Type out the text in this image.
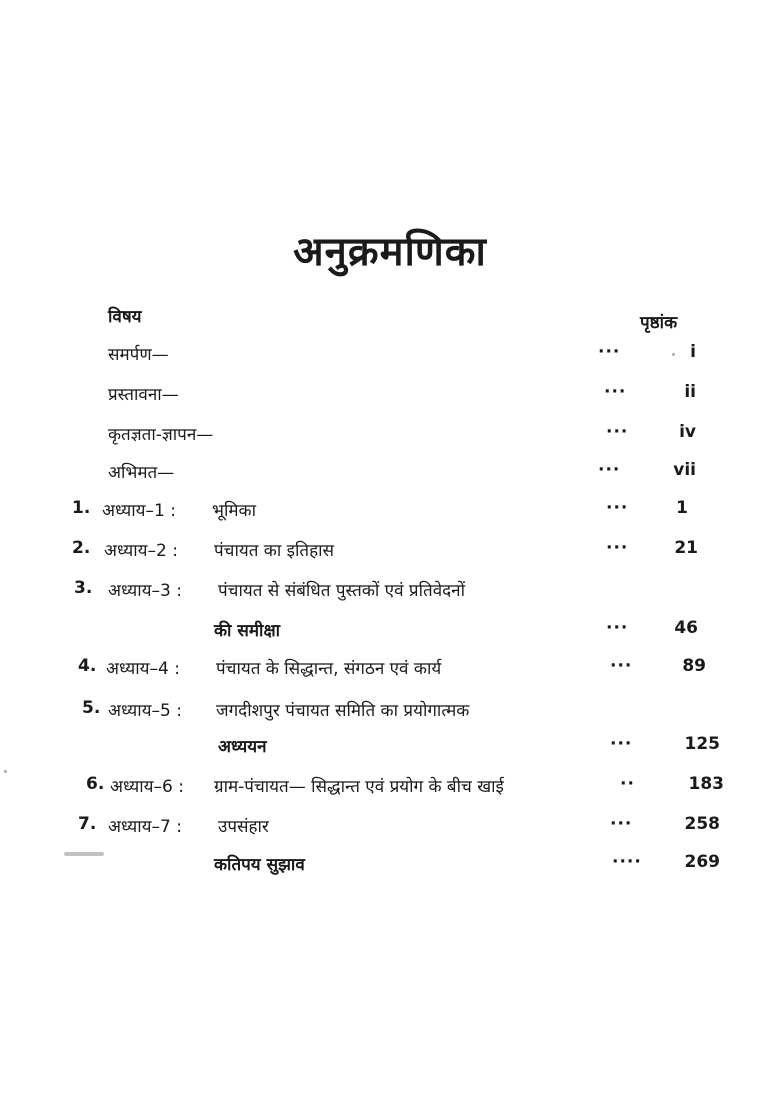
अनुक्रमणिका
विषय	पृष्ठांक
समर्पण—	···	i
प्रस्तावना—	···	ii
कृतज्ञता-ज्ञापन—	···	iv
अभिमत—	···	vii
1. अध्याय–1 : भूमिका	···	1
2. अध्याय–2 : पंचायत का इतिहास	···	21
3. अध्याय–3 : पंचायत से संबंधित पुस्तकों एवं प्रतिवेदनों
की समीक्षा	···	46
4. अध्याय–4 : पंचायत के सिद्धान्त, संगठन एवं कार्य	···	89
5. अध्याय–5 : जगदीशपुर पंचायत समिति का प्रयोगात्मक
अध्ययन	···	125
6. अध्याय–6 : ग्राम-पंचायत— सिद्धान्त एवं प्रयोग के बीच खाई	··	183
7. अध्याय–7 : उपसंहार	···	258
कतिपय सुझाव	····	269
